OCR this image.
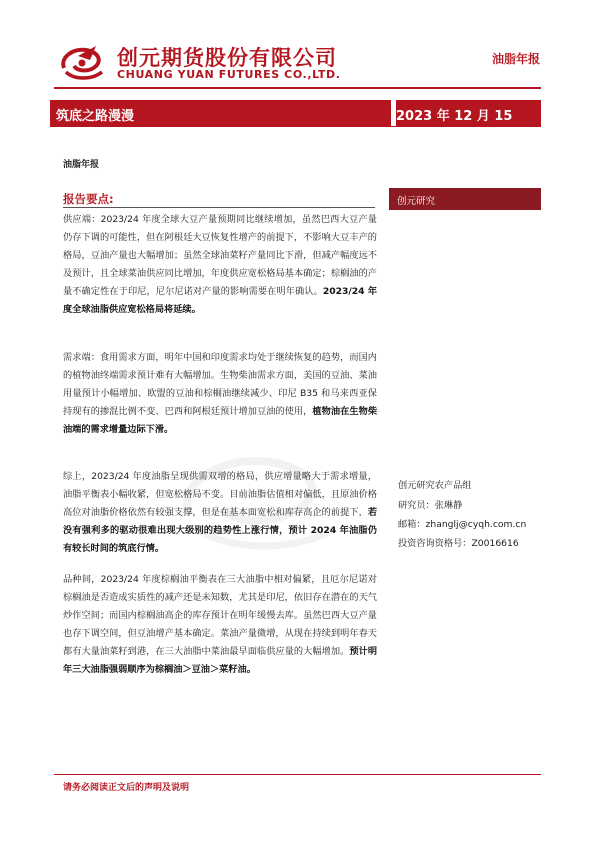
创元期货股份有限公司
CHUANG YUAN FUTURES CO.,LTD.
油脂年报
筑底之路漫漫	2023 年 12 月 15 日
油脂年报
报告要点:	创元研究
供应端：2023/24 年度全球大豆产量预期同比继续增加，虽然巴西大豆产量仍存下调的可能性，但在阿根廷大豆恢复性增产的前提下，不影响大豆丰产的格局，豆油产量也大幅增加；虽然全球油菜籽产量同比下滑，但减产幅度远不及预计，且全球菜油供应同比增加，年度供应宽松格局基本确定；棕榈油的产量不确定性在于印尼，尼尔尼诺对产量的影响需要在明年确认。2023/24 年度全球油脂供应宽松格局将延续。
需求端：食用需求方面，明年中国和印度需求均处于继续恢复的趋势，而国内的植物油终端需求预计难有大幅增加。生物柴油需求方面，美国的豆油、菜油用量预计小幅增加、欧盟的豆油和棕榈油继续减少、印尼 B35 和马来西亚保持现有的掺混比例不变、巴西和阿根廷预计增加豆油的使用，植物油在生物柴油端的需求增量边际下滑。
综上，2023/24 年度油脂呈现供需双增的格局，供应增量略大于需求增量，油脂平衡表小幅收紧，但宽松格局不变。目前油脂估值相对偏低，且原油价格高位对油脂价格依然有较强支撑，但是在基本面宽松和库存高企的前提下，若没有强利多的驱动很难出现大级别的趋势性上涨行情，预计 2024 年油脂仍有较长时间的筑底行情。
品种间，2023/24 年度棕榈油平衡表在三大油脂中相对偏紧，且厄尔尼诺对棕榈油是否造成实质性的减产还是未知数，尤其是印尼，依旧存在潜在的天气炒作空间；而国内棕榈油高企的库存预计在明年缓慢去库。虽然巴西大豆产量也存下调空间，但豆油增产基本确定。菜油产量微增，从现在持续到明年春天都有大量油菜籽到港，在三大油脂中菜油最早面临供应量的大幅增加。预计明年三大油脂强弱顺序为棕榈油＞豆油＞菜籽油。
创元研究农产品组
研究员：张琳静
邮箱：zhanglj@cyqh.com.cn
投资咨询资格号：Z0016616
请务必阅读正文后的声明及说明
